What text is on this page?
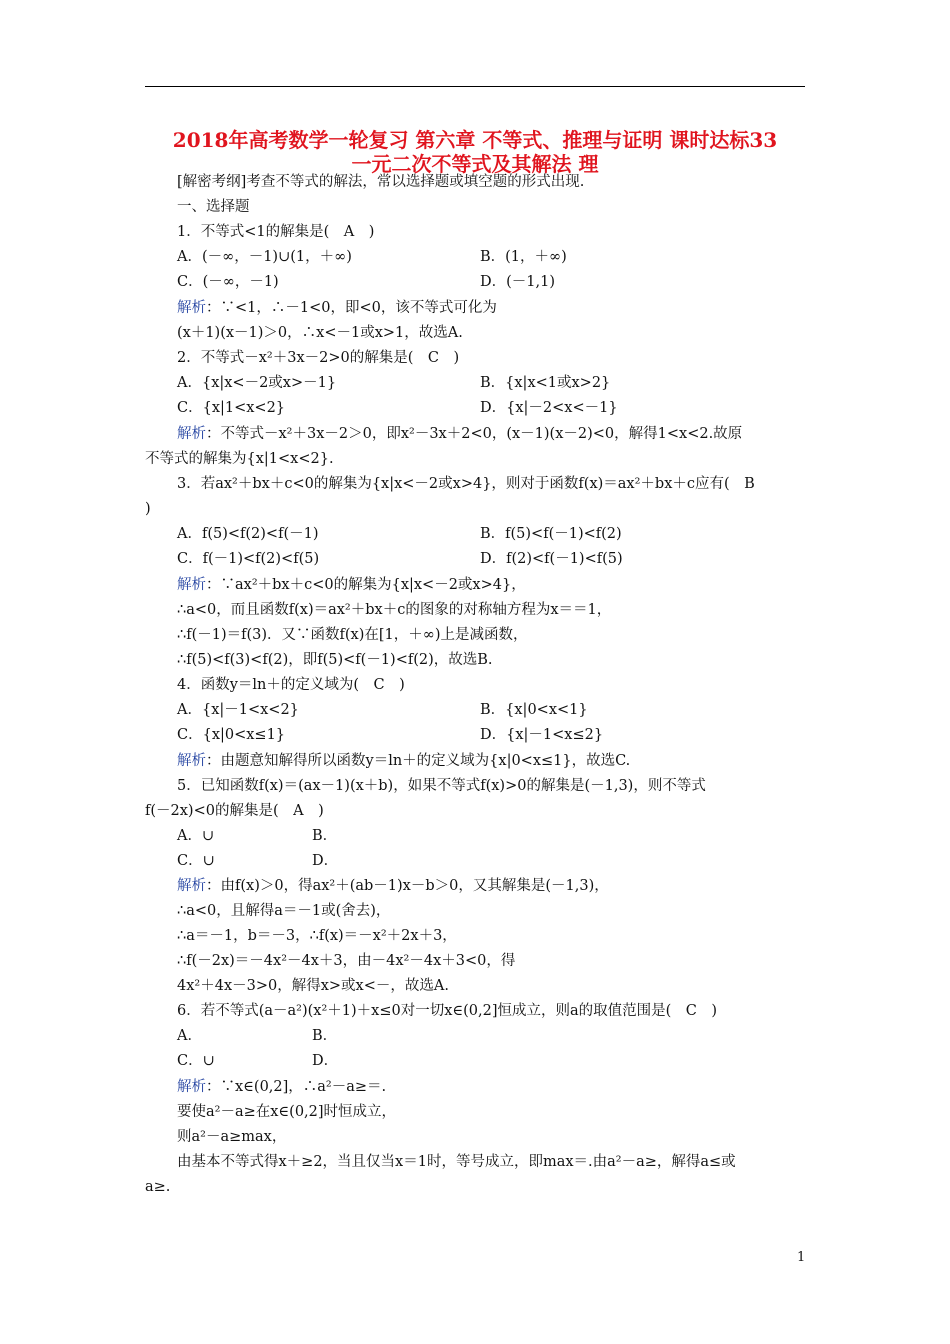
2018年高考数学一轮复习 第六章 不等式、推理与证明 课时达标33
一元二次不等式及其解法 理
[解密考纲]考查不等式的解法，常以选择题或填空题的形式出现.
一、选择题
1．不等式<1的解集是(　A　)
A．(－∞，－1)∪(1，＋∞)	B．(1，＋∞)
C．(－∞，－1)	D．(－1,1)
解析：∵<1，∴－1<0，即<0，该不等式可化为
(x＋1)(x－1)＞0，∴x<－1或x>1，故选A.
2．不等式－x²＋3x－2>0的解集是(　C　)
A．{x|x<－2或x>－1}	B．{x|x<1或x>2}
C．{x|1<x<2}	D．{x|－2<x<－1}
解析：不等式－x²＋3x－2＞0，即x²－3x＋2<0，(x－1)(x－2)<0，解得1<x<2.故原
不等式的解集为{x|1<x<2}.
3．若ax²＋bx＋c<0的解集为{x|x<－2或x>4}，则对于函数f(x)＝ax²＋bx＋c应有(　B
)
A．f(5)<f(2)<f(－1)	B．f(5)<f(－1)<f(2)
C．f(－1)<f(2)<f(5)	D．f(2)<f(－1)<f(5)
解析：∵ax²＋bx＋c<0的解集为{x|x<－2或x>4}，
∴a<0，而且函数f(x)＝ax²＋bx＋c的图象的对称轴方程为x＝＝1，
∴f(－1)＝f(3)．又∵函数f(x)在[1，＋∞)上是减函数，
∴f(5)<f(3)<f(2)，即f(5)<f(－1)<f(2)，故选B.
4．函数y＝ln＋的定义域为(　C　)
A．{x|－1<x<2}	B．{x|0<x<1}
C．{x|0<x≤1}	D．{x|－1<x≤2}
解析：由题意知解得所以函数y＝ln＋的定义域为{x|0<x≤1}，故选C.
5．已知函数f(x)＝(ax－1)(x＋b)，如果不等式f(x)>0的解集是(－1,3)，则不等式
f(－2x)<0的解集是(　A　)
A．∪	B．
C．∪	D．
解析：由f(x)＞0，得ax²＋(ab－1)x－b＞0，又其解集是(－1,3)，
∴a<0，且解得a＝－1或(舍去)，
∴a＝－1，b＝－3，∴f(x)＝－x²＋2x＋3，
∴f(－2x)＝－4x²－4x＋3，由－4x²－4x＋3<0，得
4x²＋4x－3>0，解得x>或x<－，故选A.
6．若不等式(a－a²)(x²＋1)＋x≤0对一切x∈(0,2]恒成立，则a的取值范围是(　C　)
A．	B．
C．∪	D．
解析：∵x∈(0,2]，∴a²－a≥＝.
要使a²－a≥在x∈(0,2]时恒成立，
则a²－a≥max，
由基本不等式得x＋≥2，当且仅当x＝1时，等号成立，即max＝.由a²－a≥，解得a≤或
a≥.
1
